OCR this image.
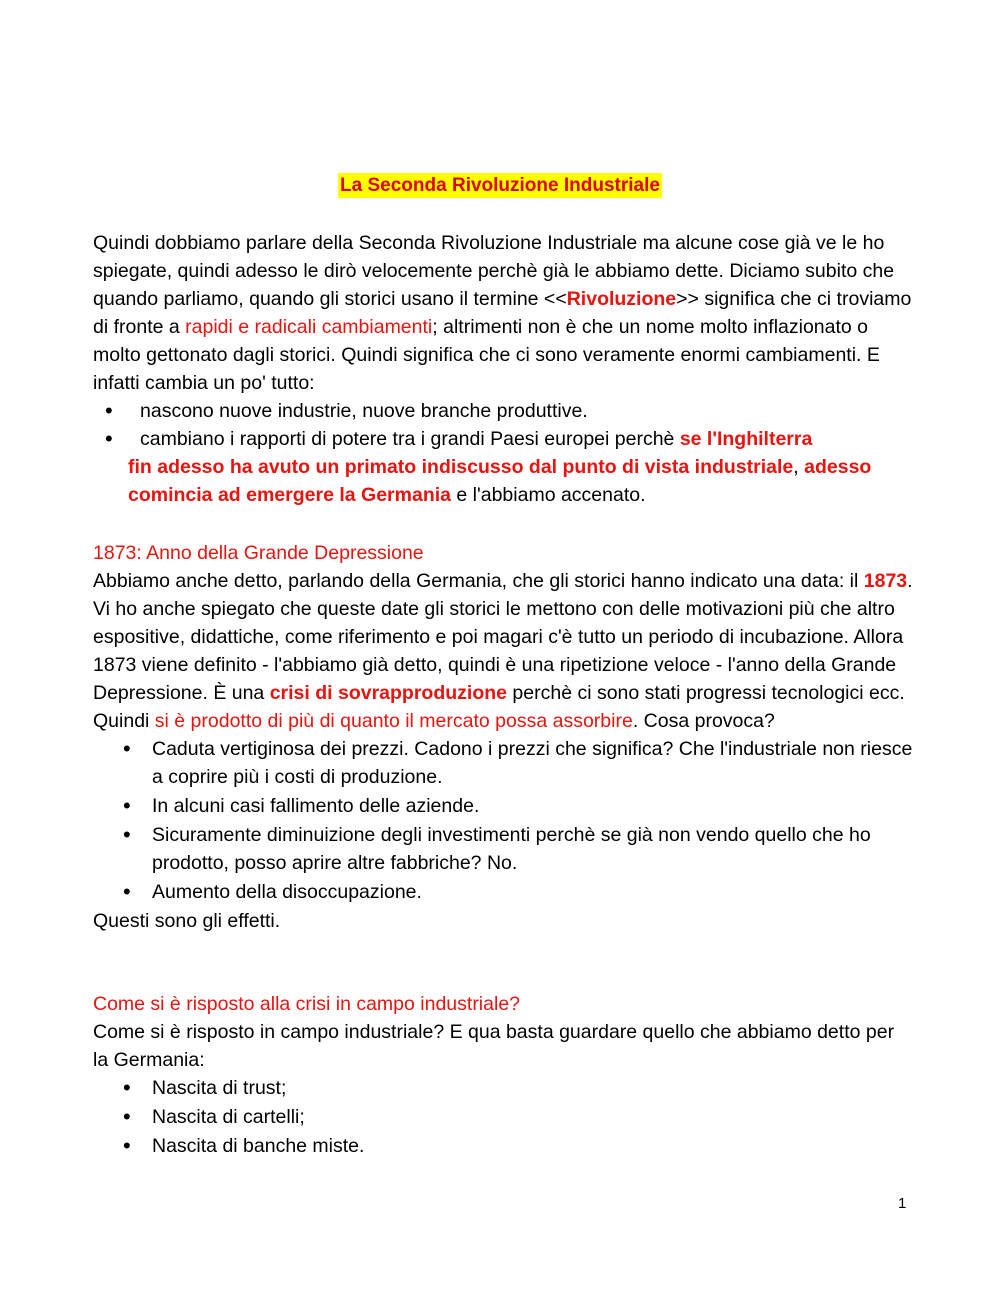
La Seconda Rivoluzione Industriale

Quindi dobbiamo parlare della Seconda Rivoluzione Industriale ma alcune cose già ve le ho spiegate, quindi adesso le dirò velocemente perchè già le abbiamo dette. Diciamo subito che quando parliamo, quando gli storici usano il termine <<Rivoluzione>> significa che ci troviamo di fronte a rapidi e radicali cambiamenti; altrimenti non è che un nome molto inflazionato o molto gettonato dagli storici. Quindi significa che ci sono veramente enormi cambiamenti. E infatti cambia un po' tutto:

• nascono nuove industrie, nuove branche produttive.
• cambiano i rapporti di potere tra i grandi Paesi europei perchè se l'Inghilterra
fin adesso ha avuto un primato indiscusso dal punto di vista industriale, adesso comincia ad emergere la Germania e l'abbiamo accenato.
1873: Anno della Grande Depressione

Abbiamo anche detto, parlando della Germania, che gli storici hanno indicato una data: il 1873. Vi ho anche spiegato che queste date gli storici le mettono con delle motivazioni più che altro espositive, didattiche, come riferimento e poi magari c'è tutto un periodo di incubazione. Allora 1873 viene definito - l'abbiamo già detto, quindi è una ripetizione veloce - l'anno della Grande Depressione. È una crisi di sovrapproduzione perchè ci sono stati progressi tecnologici ecc. Quindi si è prodotto di più di quanto il mercato possa assorbire. Cosa provoca?

• Caduta vertiginosa dei prezzi. Cadono i prezzi che significa? Che l'industriale non riesce a coprire più i costi di produzione.
• In alcuni casi fallimento delle aziende.
• Sicuramente diminuizione degli investimenti perchè se già non vendo quello che ho prodotto, posso aprire altre fabbriche? No.
• Aumento della disoccupazione.
Questi sono gli effetti.
Come si è risposto alla crisi in campo industriale?

Come si è risposto in campo industriale? E qua basta guardare quello che abbiamo detto per la Germania:

• Nascita di trust;
• Nascita di cartelli;
• Nascita di banche miste.
1
